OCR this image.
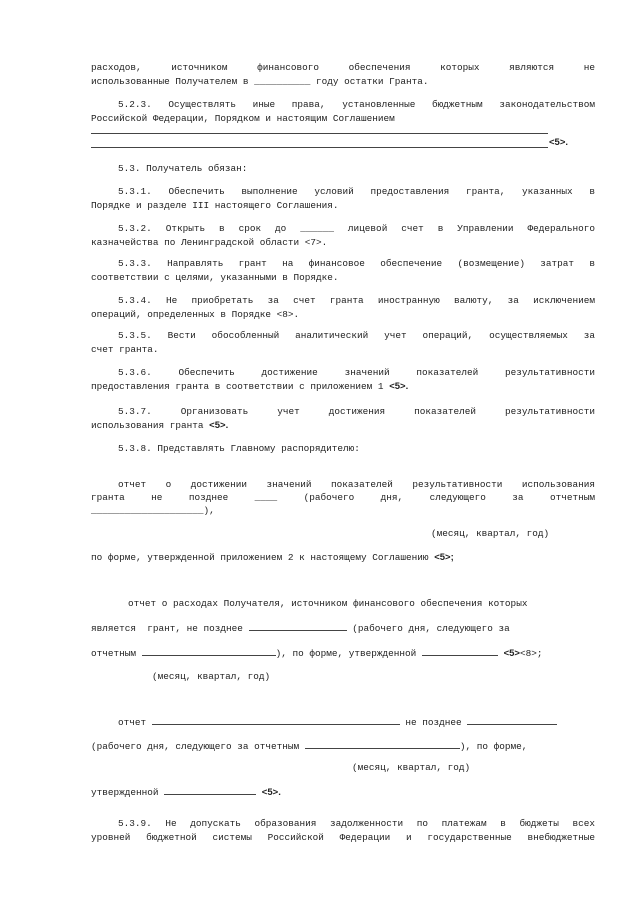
расходов, источником финансового обеспечения которых являются не
использованные Получателем в __________ году остатки Гранта.
5.2.3. Осуществлять иные права, установленные бюджетным законодательством
Российской Федерации, Порядком и настоящим Соглашением
<5>.
5.3. Получатель обязан:
5.3.1. Обеспечить выполнение условий предоставления гранта, указанных в
Порядке и разделе III настоящего Соглашения.
5.3.2. Открыть в срок до ______ лицевой счет в Управлении Федерального
казначейства по Ленинградской области <7>.
5.3.3. Направлять грант на финансовое обеспечение (возмещение) затрат в
соответствии с целями, указанными в Порядке.
5.3.4. Не приобретать за счет гранта иностранную валюту, за исключением
операций, определенных в Порядке <8>.
5.3.5. Вести обособленный аналитический учет операций, осуществляемых за
счет гранта.
5.3.6. Обеспечить достижение значений показателей результативности
предоставления гранта в соответствии с приложением 1 <5>.
5.3.7. Организовать учет достижения показателей результативности
использования гранта <5>.
5.3.8. Представлять Главному распорядителю:
отчет о достижении значений показателей результативности использования
гранта не позднее ____ (рабочего дня, следующего за отчетным
____________________),
(месяц, квартал, год)
по форме, утвержденной приложением 2 к настоящему Соглашению <5>;
отчет о расходах Получателя, источником финансового обеспечения которых
является  грант, не позднее	(рабочего дня, следующего за
отчетным	), по форме, утвержденной	<5><8>;
(месяц, квартал, год)
отчет	не позднее
(рабочего дня, следующего за отчетным	), по форме,
(месяц, квартал, год)
утвержденной	<5>.
5.3.9. Не допускать образования задолженности по платежам в бюджеты всех
уровней бюджетной системы Российской Федерации и государственные внебюджетные
